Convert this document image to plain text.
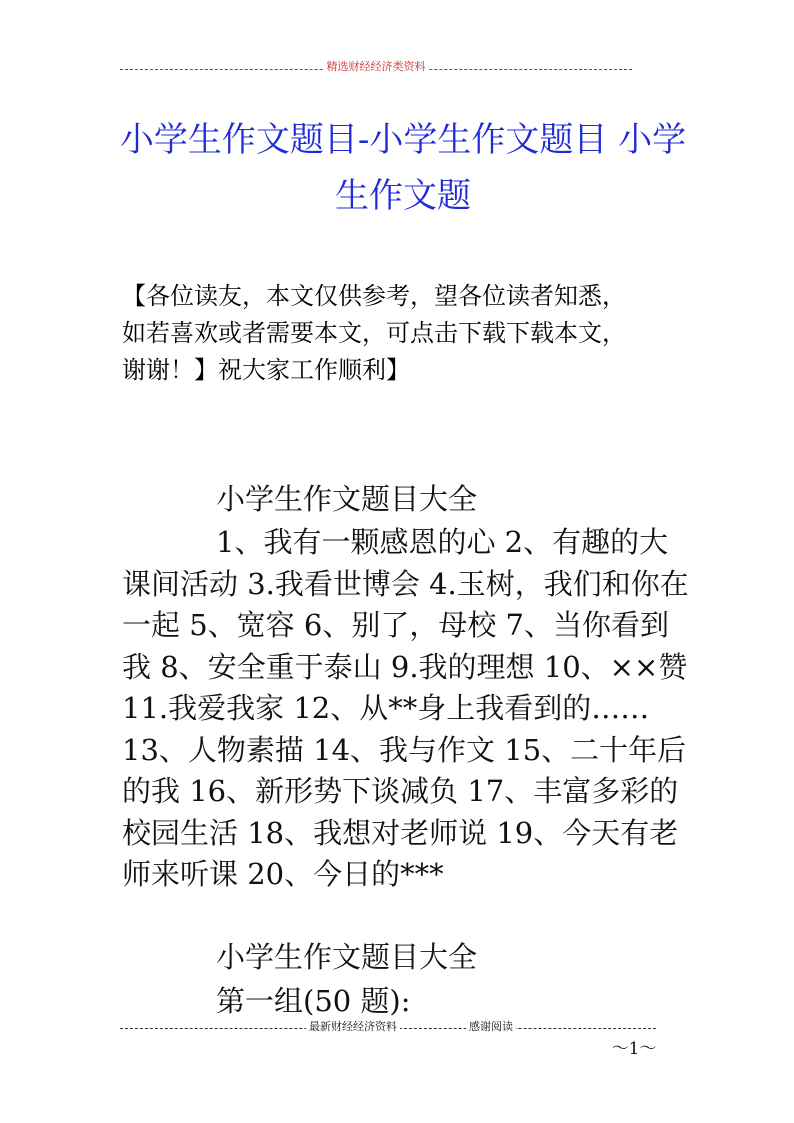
精选财经经济类资料
小学生作文题目-小学生作文题目 小学生作文题
【各位读友，本文仅供参考，望各位读者知悉，如若喜欢或者需要本文，可点击下载下载本文，谢谢！】祝大家工作顺利】
小学生作文题目大全
1、我有一颗感恩的心 2、有趣的大课间活动 3.我看世博会 4.玉树，我们和你在一起 5、宽容 6、别了，母校 7、当你看到我 8、安全重于泰山 9.我的理想 10、××赞 11.我爱我家 12、从**身上我看到的……13、人物素描 14、我与作文 15、二十年后的我 16、新形势下谈减负 17、丰富多彩的校园生活 18、我想对老师说 19、今天有老师来听课 20、今日的***
小学生作文题目大全
第一组(50 题):
最新财经经济资料	感谢阅读
～1～
